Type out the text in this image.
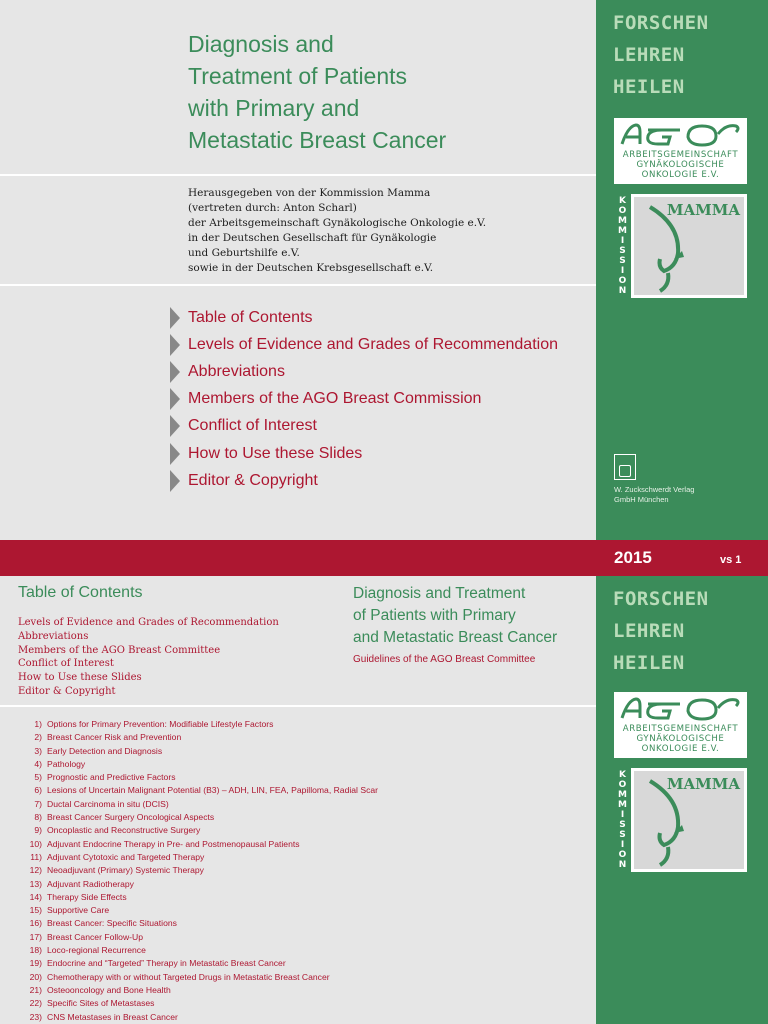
Diagnosis and
Treatment of Patients
with Primary and
Metastatic Breast Cancer
Herausgegeben von der Kommission Mamma
(vertreten durch: Anton Scharl)
der Arbeitsgemeinschaft Gynäkologische Onkologie e.V.
in der Deutschen Gesellschaft für Gynäkologie
und Geburtshilfe e.V.
sowie in der Deutschen Krebsgesellschaft e.V.
Table of Contents
Levels of Evidence and Grades of Recommendation
Abbreviations
Members of the AGO Breast Commission
Conflict of Interest
How to Use these Slides
Editor & Copyright
FORSCHEN
LEHREN
HEILEN
ARBEITSGEMEINSCHAFT
GYNÄKOLOGISCHE
ONKOLOGIE E.V.
K
O
M
M
I
S
S
I
O
N
MAMMA
W. Zuckschwerdt Verlag
GmbH München
2015	vs 1
Table of Contents
Levels of Evidence and Grades of Recommendation
Abbreviations
Members of the AGO Breast Committee
Conflict of Interest
How to Use these Slides
Editor & Copyright
Diagnosis and Treatment
of Patients with Primary
and Metastatic Breast Cancer
Guidelines of the AGO Breast Committee
1) Options for Primary Prevention: Modifiable Lifestyle Factors
2) Breast Cancer Risk and Prevention
3) Early Detection and Diagnosis
4) Pathology
5) Prognostic and Predictive Factors
6) Lesions of Uncertain Malignant Potential (B3) – ADH, LIN, FEA, Papilloma, Radial Scar
7) Ductal Carcinoma in situ (DCIS)
8) Breast Cancer Surgery Oncological Aspects
9) Oncoplastic and Reconstructive Surgery
10) Adjuvant Endocrine Therapy in Pre- and Postmenopausal Patients
11) Adjuvant Cytotoxic and Targeted Therapy
12) Neoadjuvant (Primary) Systemic Therapy
13) Adjuvant Radiotherapy
14) Therapy Side Effects
15) Supportive Care
16) Breast Cancer: Specific Situations
17) Breast Cancer Follow-Up
18) Loco-regional Recurrence
19) Endocrine and “Targeted” Therapy in Metastatic Breast Cancer
20) Chemotherapy with or without Targeted Drugs in Metastatic Breast Cancer
21) Osteooncology and Bone Health
22) Specific Sites of Metastases
23) CNS Metastases in Breast Cancer
FORSCHEN
LEHREN
HEILEN
ARBEITSGEMEINSCHAFT
GYNÄKOLOGISCHE
ONKOLOGIE E.V.
K
O
M
M
I
S
S
I
O
N
MAMMA
